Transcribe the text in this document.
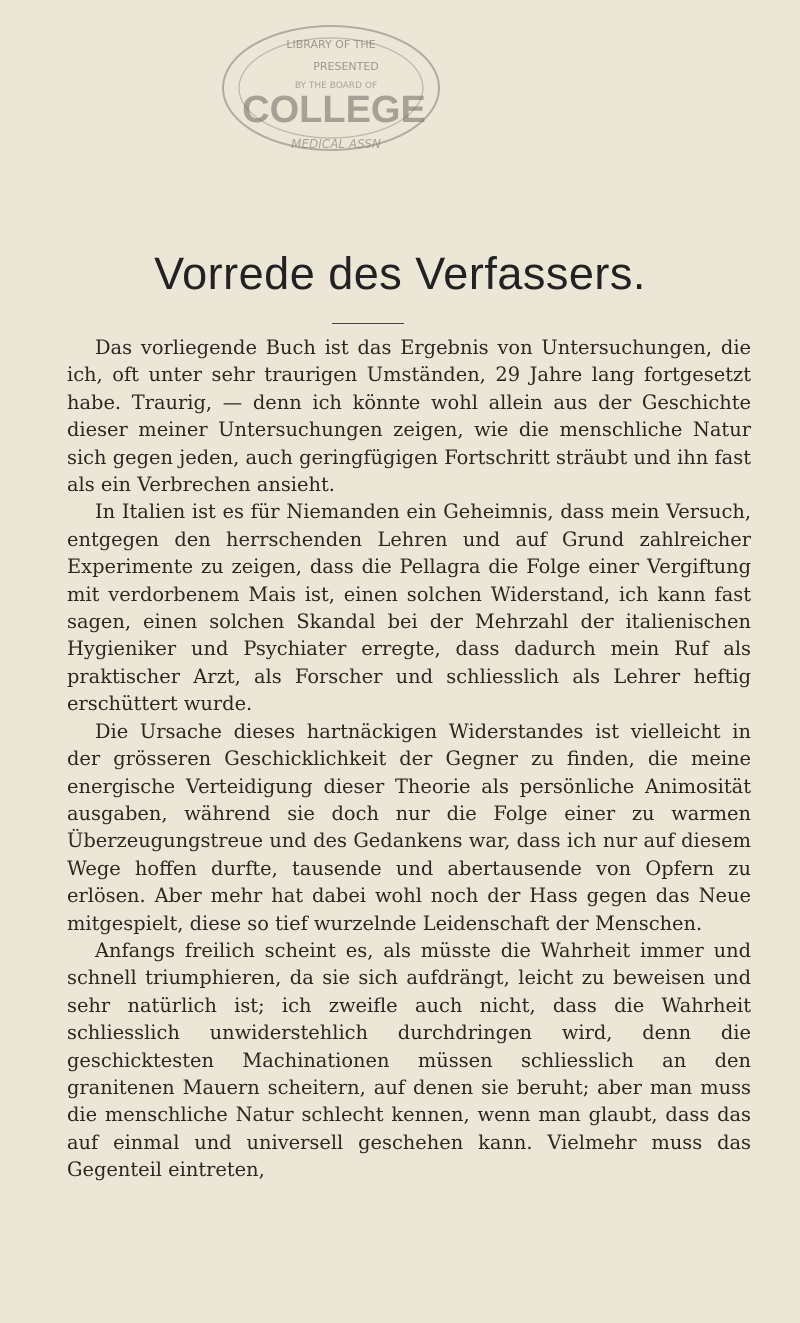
LIBRARY OF THE
PRESENTED
BY THE BOARD OF
COLLEGE
MEDICAL ASSN
Vorrede des Verfassers.

Das vorliegende Buch ist das Ergebnis von Untersuchungen, die ich, oft unter sehr traurigen Umständen, 29 Jahre lang fortgesetzt habe. Traurig, — denn ich könnte wohl allein aus der Geschichte dieser meiner Untersuchungen zeigen, wie die menschliche Natur sich gegen jeden, auch geringfügigen Fortschritt sträubt und ihn fast als ein Verbrechen ansieht.

In Italien ist es für Niemanden ein Geheimnis, dass mein Versuch, entgegen den herrschenden Lehren und auf Grund zahlreicher Experimente zu zeigen, dass die Pellagra die Folge einer Vergiftung mit verdorbenem Mais ist, einen solchen Widerstand, ich kann fast sagen, einen solchen Skandal bei der Mehrzahl der italienischen Hygieniker und Psychiater erregte, dass dadurch mein Ruf als praktischer Arzt, als Forscher und schliesslich als Lehrer heftig erschüttert wurde.

Die Ursache dieses hartnäckigen Widerstandes ist vielleicht in der grösseren Geschicklichkeit der Gegner zu finden, die meine energische Verteidigung dieser Theorie als persönliche Animosität ausgaben, während sie doch nur die Folge einer zu warmen Überzeugungstreue und des Gedankens war, dass ich nur auf diesem Wege hoffen durfte, tausende und abertausende von Opfern zu erlösen. Aber mehr hat dabei wohl noch der Hass gegen das Neue mitgespielt, diese so tief wurzelnde Leidenschaft der Menschen.

Anfangs freilich scheint es, als müsste die Wahrheit immer und schnell triumphieren, da sie sich aufdrängt, leicht zu beweisen und sehr natürlich ist; ich zweifle auch nicht, dass die Wahrheit schliesslich unwiderstehlich durchdringen wird, denn die geschicktesten Machinationen müssen schliesslich an den granitenen Mauern scheitern, auf denen sie beruht; aber man muss die menschliche Natur schlecht kennen, wenn man glaubt, dass das auf einmal und universell geschehen kann. Vielmehr muss das Gegenteil eintreten,
